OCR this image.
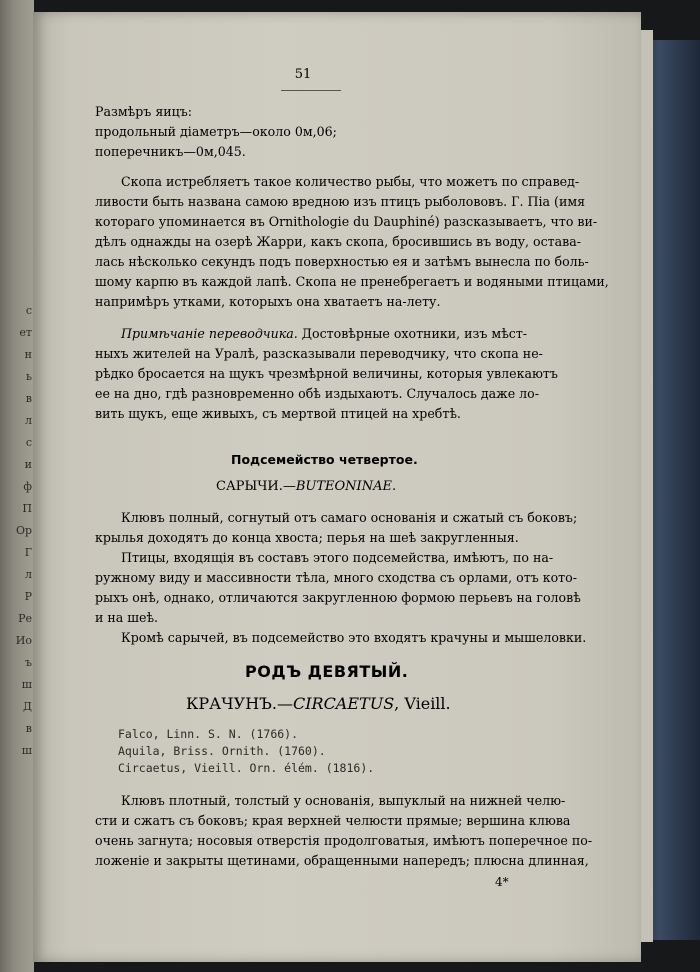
с
ет
н
ь
в
л
с
и
ф
П
Ор
Г
л
Р
Ре
Ио
ъ
ш
Д
в
ш
51
Размѣръ яицъ:
продольный діаметръ—около 0м,06;
поперечникъ—0м,045.
Скопа истребляетъ такое количество рыбы, что можетъ по справед-
ливости быть названа самою вредною изъ птицъ рыболововъ. Г. Піа (имя
котораго упоминается въ Ornithologie du Dauphiné) разсказываетъ, что ви-
дѣлъ однажды на озерѣ Жарри, какъ скопа, бросившись въ воду, остава-
лась нѣсколько секундъ подъ поверхностью ея и затѣмъ вынесла по боль-
шому карпю въ каждой лапѣ. Скопа не пренебрегаетъ и водяными птицами,
напримѣръ утками, которыхъ она хватаетъ на-лету.
Примѣчаніе переводчика. Достовѣрные охотники, изъ мѣст-
ныхъ жителей на Уралѣ, разсказывали переводчику, что скопа не-
рѣдко бросается на щукъ чрезмѣрной величины, которыя увлекаютъ
ее на дно, гдѣ разновременно обѣ издыхаютъ. Случалось даже ло-
вить щукъ, еще живыхъ, съ мертвой птицей на хребтѣ.
Подсемейство четвертое.
САРЫЧИ.—BUTEONINAE.
Клювъ полный, согнутый отъ самаго основанія и сжатый съ боковъ;
крылья доходятъ до конца хвоста; перья на шеѣ закругленныя.
Птицы, входящія въ составъ этого подсемейства, имѣютъ, по на-
ружному виду и массивности тѣла, много сходства съ орлами, отъ кото-
рыхъ онѣ, однако, отличаются закругленною формою перьевъ на головѣ
и на шеѣ.
Кромѣ сарычей, въ подсемейство это входятъ крачуны и мышеловки.
РОДЪ ДЕВЯТЫЙ.
КРАЧУНЪ.—CIRCAETUS, Vieill.
Falco, Linn. S. N. (1766).
Aquila, Briss. Ornith. (1760).
Circaetus, Vieill. Orn. élém. (1816).
Клювъ плотный, толстый у основанія, выпуклый на нижней челю-
сти и сжатъ съ боковъ; края верхней челюсти прямые; вершина клюва
очень загнута; носовыя отверстія продолговатыя, имѣютъ поперечное по-
ложеніе и закрыты щетинами, обращенными напередъ; плюсна длинная,
4*
